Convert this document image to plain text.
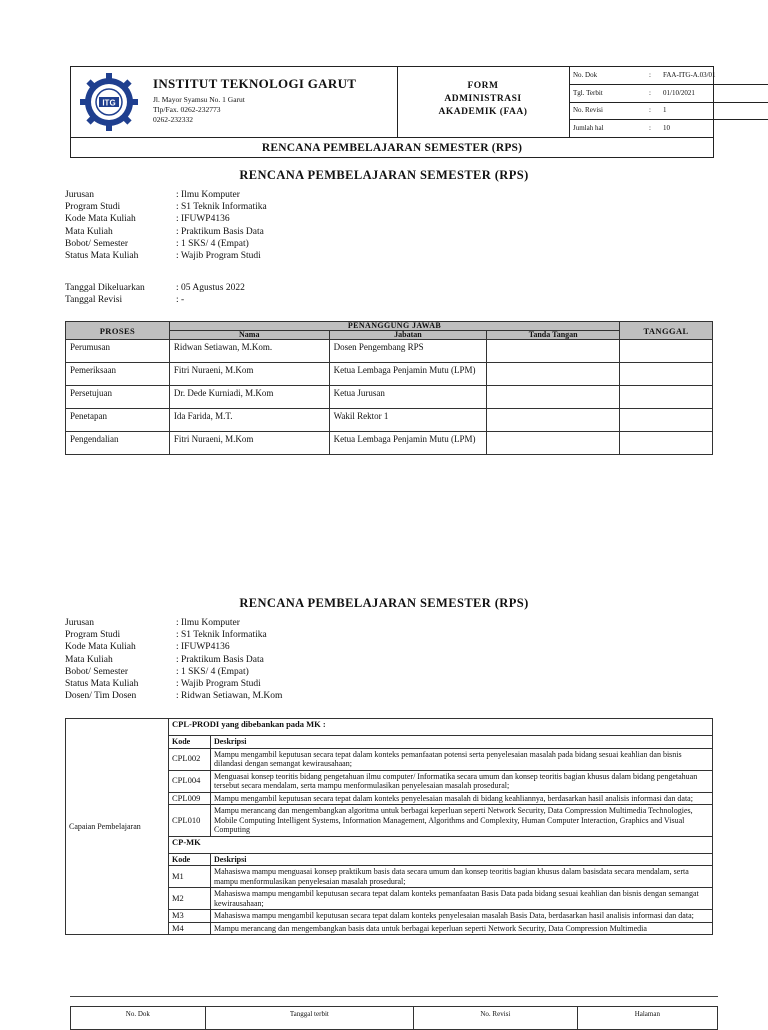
ITG
INSTITUT TEKNOLOGI GARUT
Jl. Mayor Syamsu No. 1 Garut
Tlp/Fax. 0262-232773
0262-232332
FORM
ADMINISTRASI
AKADEMIK (FAA)
No. Dok	: FAA-ITG-A.03/01
Tgl. Terbit	: 01/10/2021
No. Revisi	: 1
Jumlah hal	: 10
RENCANA PEMBELAJARAN SEMESTER (RPS)
RENCANA PEMBELAJARAN SEMESTER (RPS)
Jurusan	: Ilmu Komputer
Program Studi	: S1 Teknik Informatika
Kode Mata Kuliah	: IFUWP4136
Mata Kuliah	: Praktikum Basis Data
Bobot/ Semester	: 1 SKS/ 4 (Empat)
Status Mata Kuliah	: Wajib Program Studi
Tanggal Dikeluarkan	: 05 Agustus 2022
Tanggal Revisi	: -
PROSES	PENANGGUNG JAWAB			TANGGAL
	Nama	Jabatan	Tanda Tangan	
Perumusan	Ridwan Setiawan, M.Kom.	Dosen Pengembang RPS		
Pemeriksaan	Fitri Nuraeni, M.Kom	Ketua Lembaga Penjamin Mutu (LPM)		
Persetujuan	Dr. Dede Kurniadi, M.Kom	Ketua Jurusan		
Penetapan	Ida Farida, M.T.	Wakil Rektor 1		
Pengendalian	Fitri Nuraeni, M.Kom	Ketua Lembaga Penjamin Mutu (LPM)		
RENCANA PEMBELAJARAN SEMESTER (RPS)
Jurusan	: Ilmu Komputer
Program Studi	: S1 Teknik Informatika
Kode Mata Kuliah	: IFUWP4136
Mata Kuliah	: Praktikum Basis Data
Bobot/ Semester	: 1 SKS/ 4 (Empat)
Status Mata Kuliah	: Wajib Program Studi
Dosen/ Tim Dosen	: Ridwan Setiawan, M.Kom
Capaian Pembelajaran	CPL-PRODI yang dibebankan pada MK :	
	Kode	Deskripsi
	CPL002	Mampu mengambil keputusan secara tepat dalam konteks pemanfaatan potensi serta penyelesaian masalah pada bidang sesuai keahlian dan bisnis dilandasi dengan semangat kewirausahaan;
	CPL004	Menguasai konsep teoritis bidang pengetahuan ilmu computer/ Informatika secara umum dan konsep teoritis bagian khusus dalam bidang pengetahuan tersebut secara mendalam, serta mampu menformulasikan penyelesaian masalah prosedural;
	CPL009	Mampu mengambil keputusan secara tepat dalam konteks penyelesaian masalah di bidang keahliannya, berdasarkan hasil analisis informasi dan data;
	CPL010	Mampu merancang dan mengembangkan algoritma untuk berbagai keperluan seperti Network Security, Data Compression Multimedia Technologies, Mobile Computing Intelligent Systems, Information Management, Algorithms and Complexity, Human Computer Interaction, Graphics and Visual Computing
	CP-MK	
	Kode	Deskripsi
	M1	Mahasiswa mampu menguasai konsep praktikum basis data secara umum dan konsep teoritis bagian khusus dalam basisdata secara mendalam, serta mampu menformulasikan penyelesaian masalah prosedural;
	M2	Mahasiswa mampu mengambil keputusan secara tepat dalam konteks pemanfaatan Basis Data pada bidang sesuai keahlian dan bisnis dengan semangat kewirausahaan;
	M3	Mahasiswa mampu mengambil keputusan secara tepat dalam konteks penyelesaian masalah Basis Data, berdasarkan hasil analisis informasi dan data;
	M4	Mampu merancang dan mengembangkan basis data untuk berbagai keperluan seperti Network Security, Data Compression Multimedia
No. Dok	Tanggal terbit	No. Revisi	Halaman
